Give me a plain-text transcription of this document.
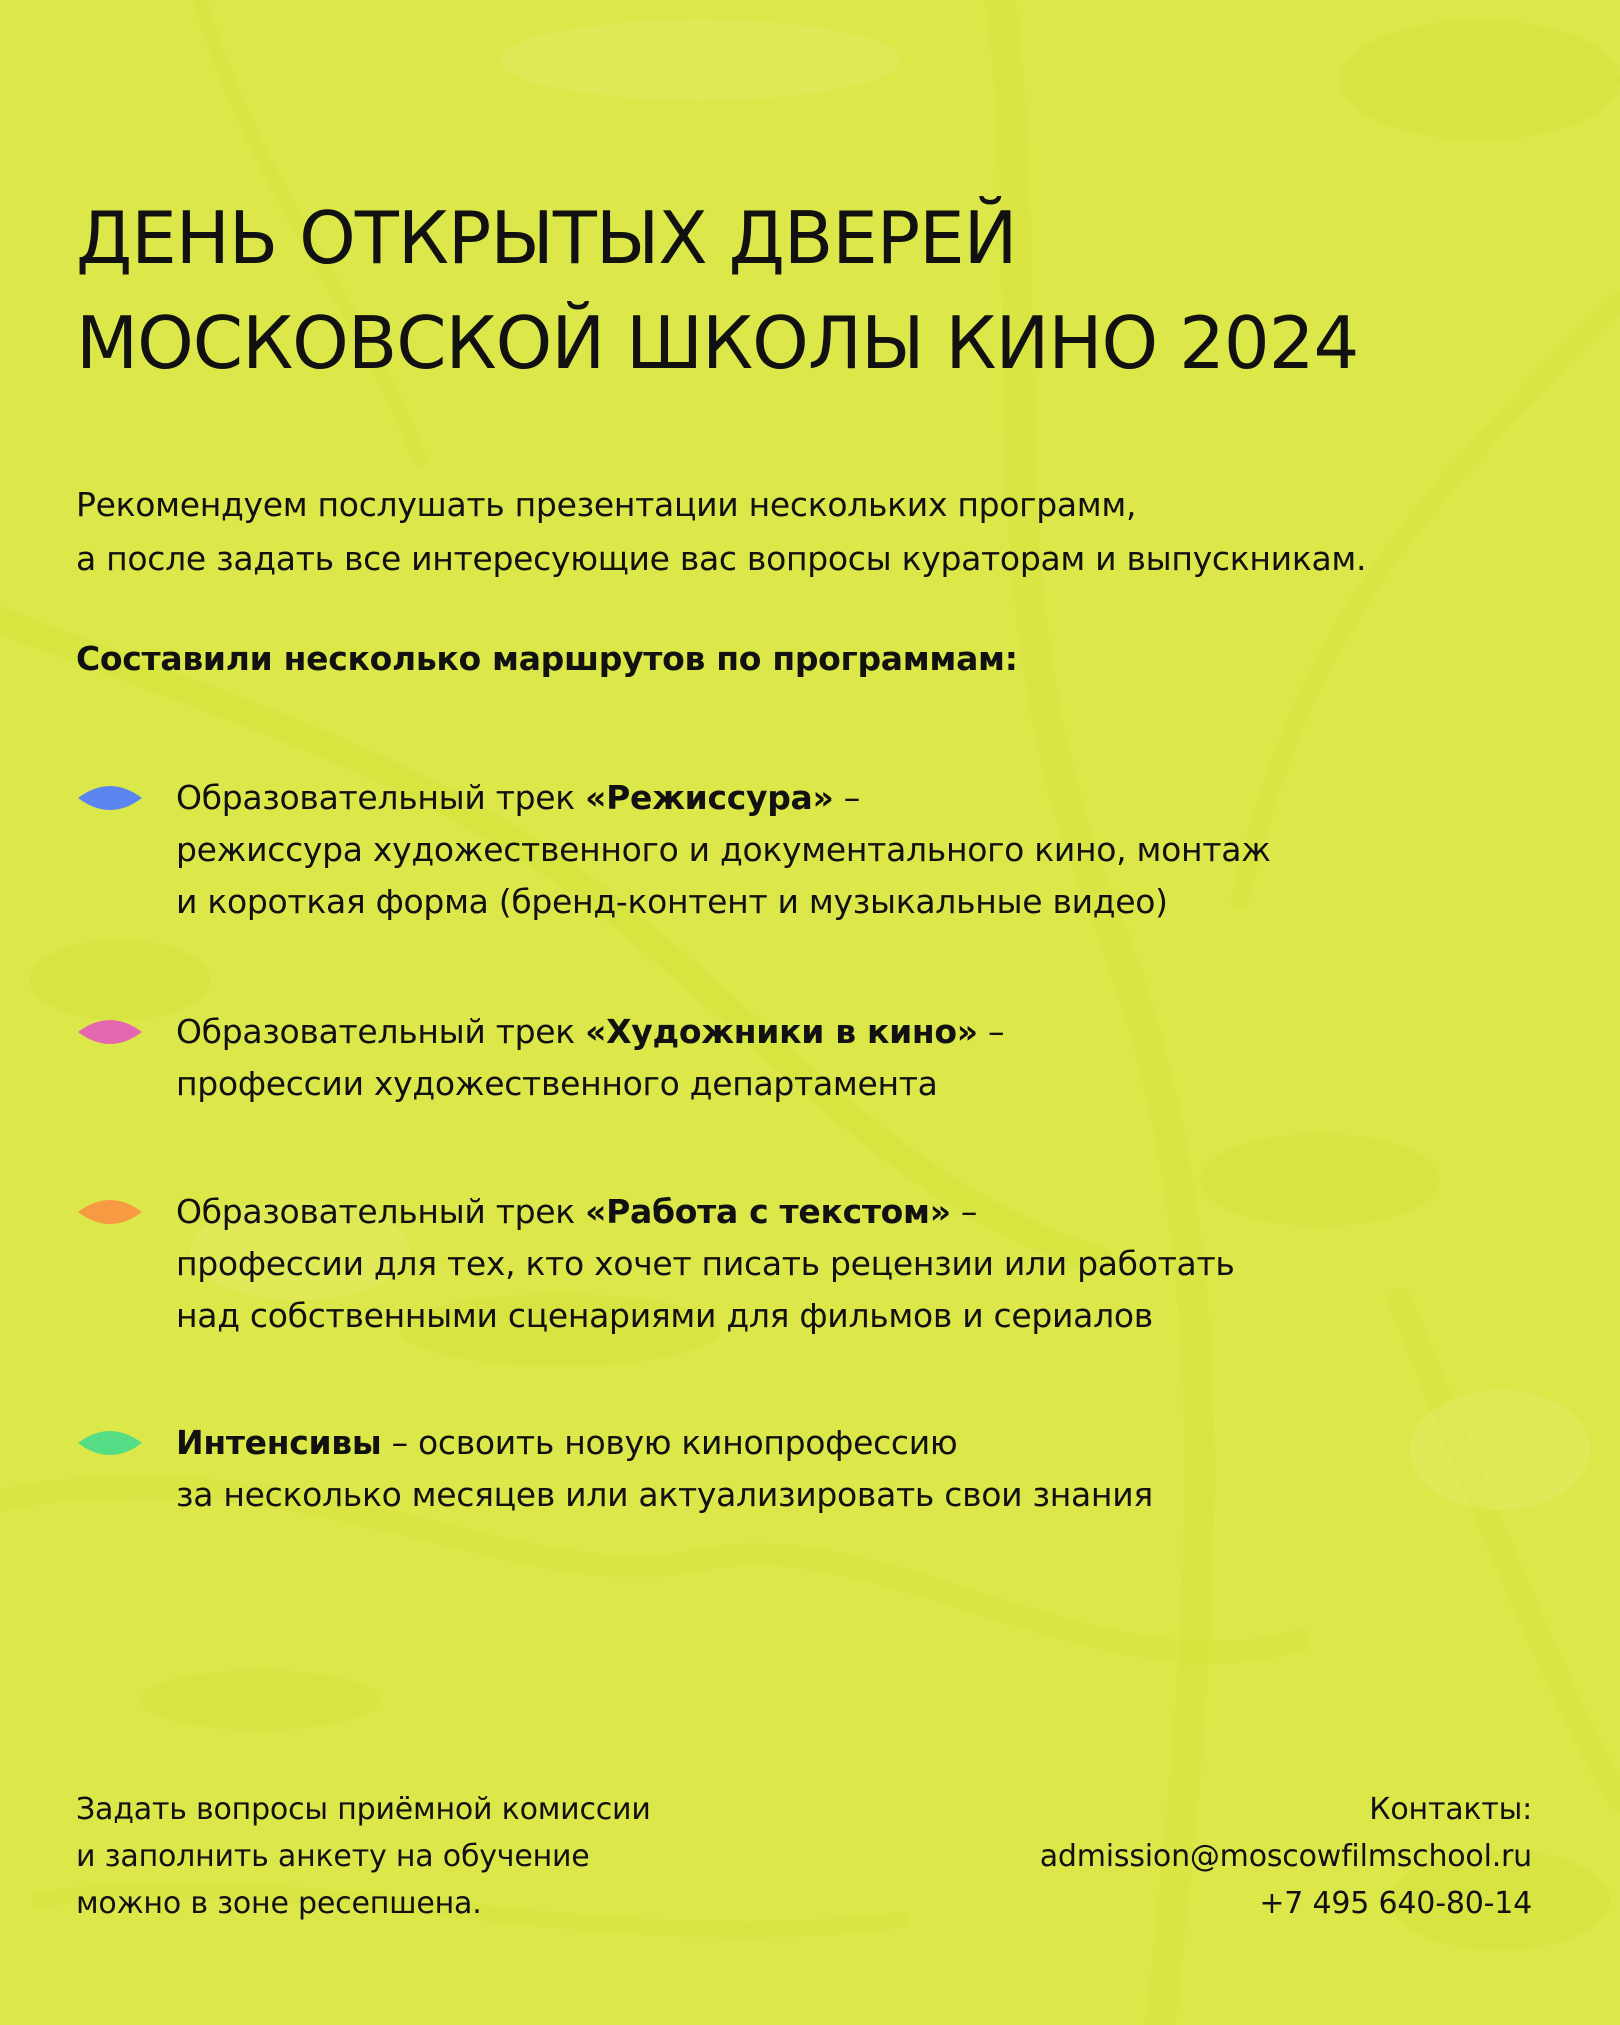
ДЕНЬ ОТКРЫТЫХ ДВЕРЕЙ
МОСКОВСКОЙ ШКОЛЫ КИНО 2024
Рекомендуем послушать презентации нескольких программ,
а после задать все интересующие вас вопросы кураторам и выпускникам.
Составили несколько маршрутов по программам:
Образовательный трек «Режиссура» –
режиссура художественного и документального кино, монтаж
и короткая форма (бренд-контент и музыкальные видео)
Образовательный трек «Художники в кино» –
профессии художественного департамента
Образовательный трек «Работа с текстом» –
профессии для тех, кто хочет писать рецензии или работать
над собственными сценариями для фильмов и сериалов
Интенсивы – освоить новую кинопрофессию
за несколько месяцев или актуализировать свои знания
Задать вопросы приёмной комиссии
и заполнить анкету на обучение
можно в зоне ресепшена.
Контакты:
admission@moscowfilmschool.ru
+7 495 640-80-14
